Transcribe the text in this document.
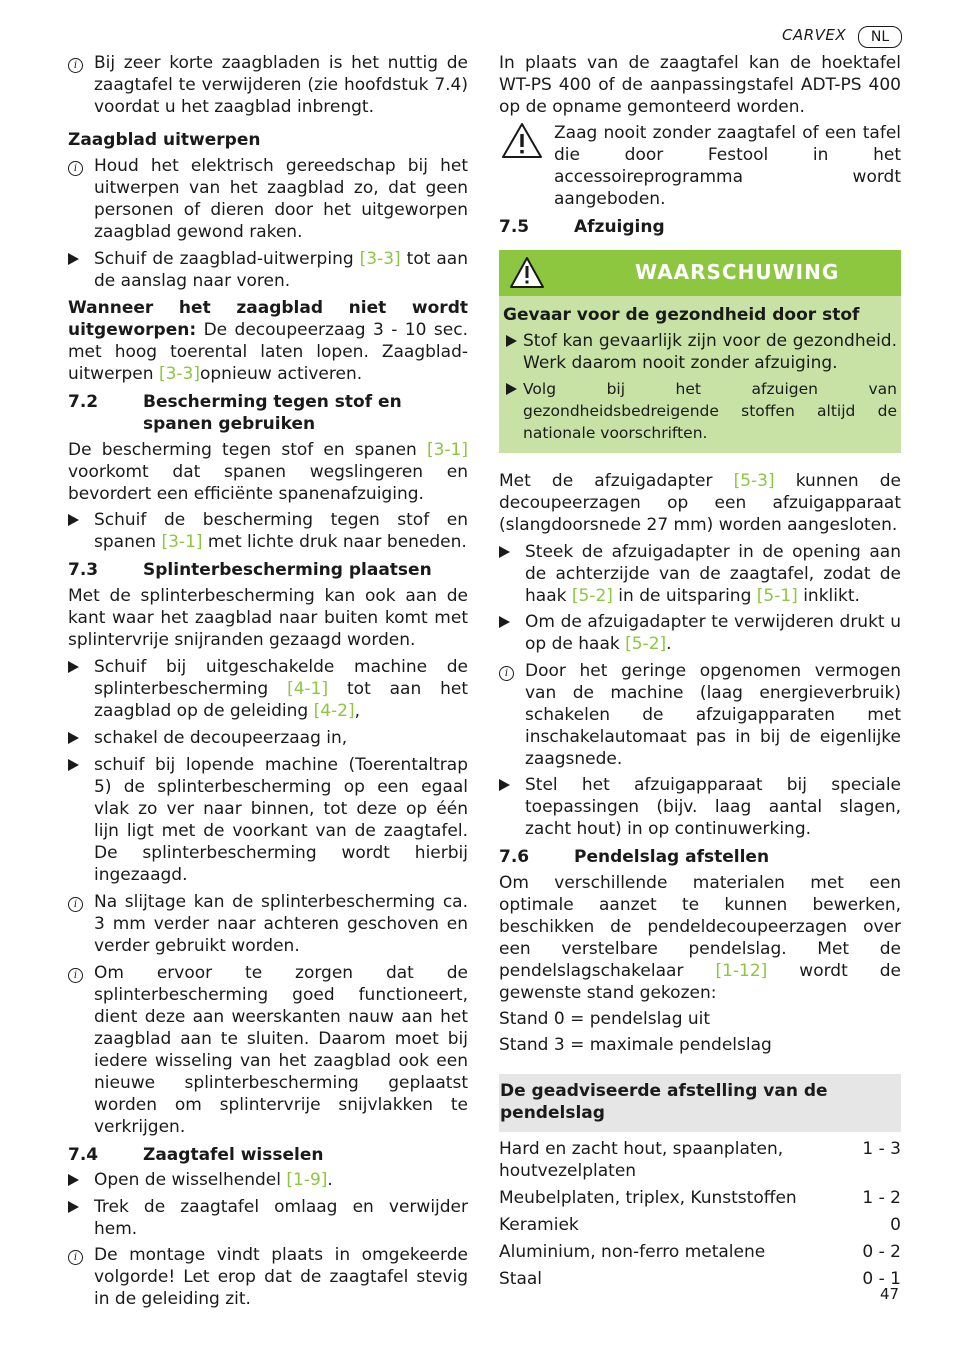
CARVEX	NL
i Bij zeer korte zaagbladen is het nuttig de zaagtafel te verwijderen (zie hoofdstuk 7.4) voordat u het zaagblad inbrengt.

Zaagblad uitwerpen

i Houd het elektrisch gereedschap bij het uitwerpen van het zaagblad zo, dat geen personen of dieren door het uitgeworpen zaagblad gewond raken.
Schuif de zaagblad-uitwerping [3-3] tot aan de aanslag naar voren.

Wanneer het zaagblad niet wordt uitgeworpen: De decoupeerzaag 3 - 10 sec. met hoog toerental laten lopen. Zaagblad-uitwerpen [3-3]opnieuw activeren.

7.2	Bescherming tegen stof en spanen gebruiken

De bescherming tegen stof en spanen [3-1] voorkomt dat spanen wegslingeren en bevordert een efficiënte spanenafzuiging.

Schuif de bescherming tegen stof en spanen [3-1] met lichte druk naar beneden.
7.3	Splinterbescherming plaatsen

Met de splinterbescherming kan ook aan de kant waar het zaagblad naar buiten komt met splintervrije snijranden gezaagd worden.

Schuif bij uitgeschakelde machine de splinterbescherming [4-1] tot aan het zaagblad op de geleiding [4-2],
schakel de decoupeerzaag in,
schuif bij lopende machine (Toerentaltrap 5) de splinterbescherming op een egaal vlak zo ver naar binnen, tot deze op één lijn ligt met de voorkant van de zaagtafel. De splinterbescherming wordt hierbij ingezaagd.
i Na slijtage kan de splinterbescherming ca. 3 mm verder naar achteren geschoven en verder gebruikt worden.
i Om ervoor te zorgen dat de splinterbescherming goed functioneert, dient deze aan weerskanten nauw aan het zaagblad aan te sluiten. Daarom moet bij iedere wisseling van het zaagblad ook een nieuwe splinterbescherming geplaatst worden om splintervrije snijvlakken te verkrijgen.
7.4	Zaagtafel wisselen
Open de wisselhendel [1-9].
Trek de zaagtafel omlaag en verwijder hem.
i De montage vindt plaats in omgekeerde volgorde! Let erop dat de zaagtafel stevig in de geleiding zit.

In plaats van de zaagtafel kan de hoektafel WT-PS 400 of de aanpassingstafel ADT-PS 400 op de opname gemonteerd worden.

Zaag nooit zonder zaagtafel of een tafel die door Festool in het accessoireprogramma wordt aangeboden.
7.5	Afzuiging
WAARSCHUWING

Gevaar voor de gezondheid door stof

Stof kan gevaarlijk zijn voor de gezondheid. Werk daarom nooit zonder afzuiging.
Volg bij het afzuigen van gezondheidsbedreigende stoffen altijd de nationale voorschriften.

Met de afzuigadapter [5-3] kunnen de decoupeerzagen op een afzuigapparaat (slangdoorsnede 27 mm) worden aangesloten.

Steek de afzuigadapter in de opening aan de achterzijde van de zaagtafel, zodat de haak [5-2] in de uitsparing [5-1] inklikt.
Om de afzuigadapter te verwijderen drukt u op de haak [5-2].
i Door het geringe opgenomen vermogen van de machine (laag energieverbruik) schakelen de afzuigapparaten met inschakelautomaat pas in bij de eigenlijke zaagsnede.
Stel het afzuigapparaat bij speciale toepassingen (bijv. laag aantal slagen, zacht hout) in op continuwerking.
7.6	Pendelslag afstellen

Om verschillende materialen met een optimale aanzet te kunnen bewerken, beschikken de pendeldecoupeerzagen over een verstelbare pendelslag. Met de pendelslagschakelaar [1-12] wordt de gewenste stand gekozen:

Stand 0 = pendelslag uit

Stand 3 = maximale pendelslag

De geadviseerde afstelling van de pendelslag
Hard en zacht hout, spaanplaten, houtvezelplaten
1 - 3
Meubelplaten, triplex, Kunststoffen	1 - 2
Keramiek	0
Aluminium, non-ferro metalene	0 - 2
Staal	0 - 1
47
